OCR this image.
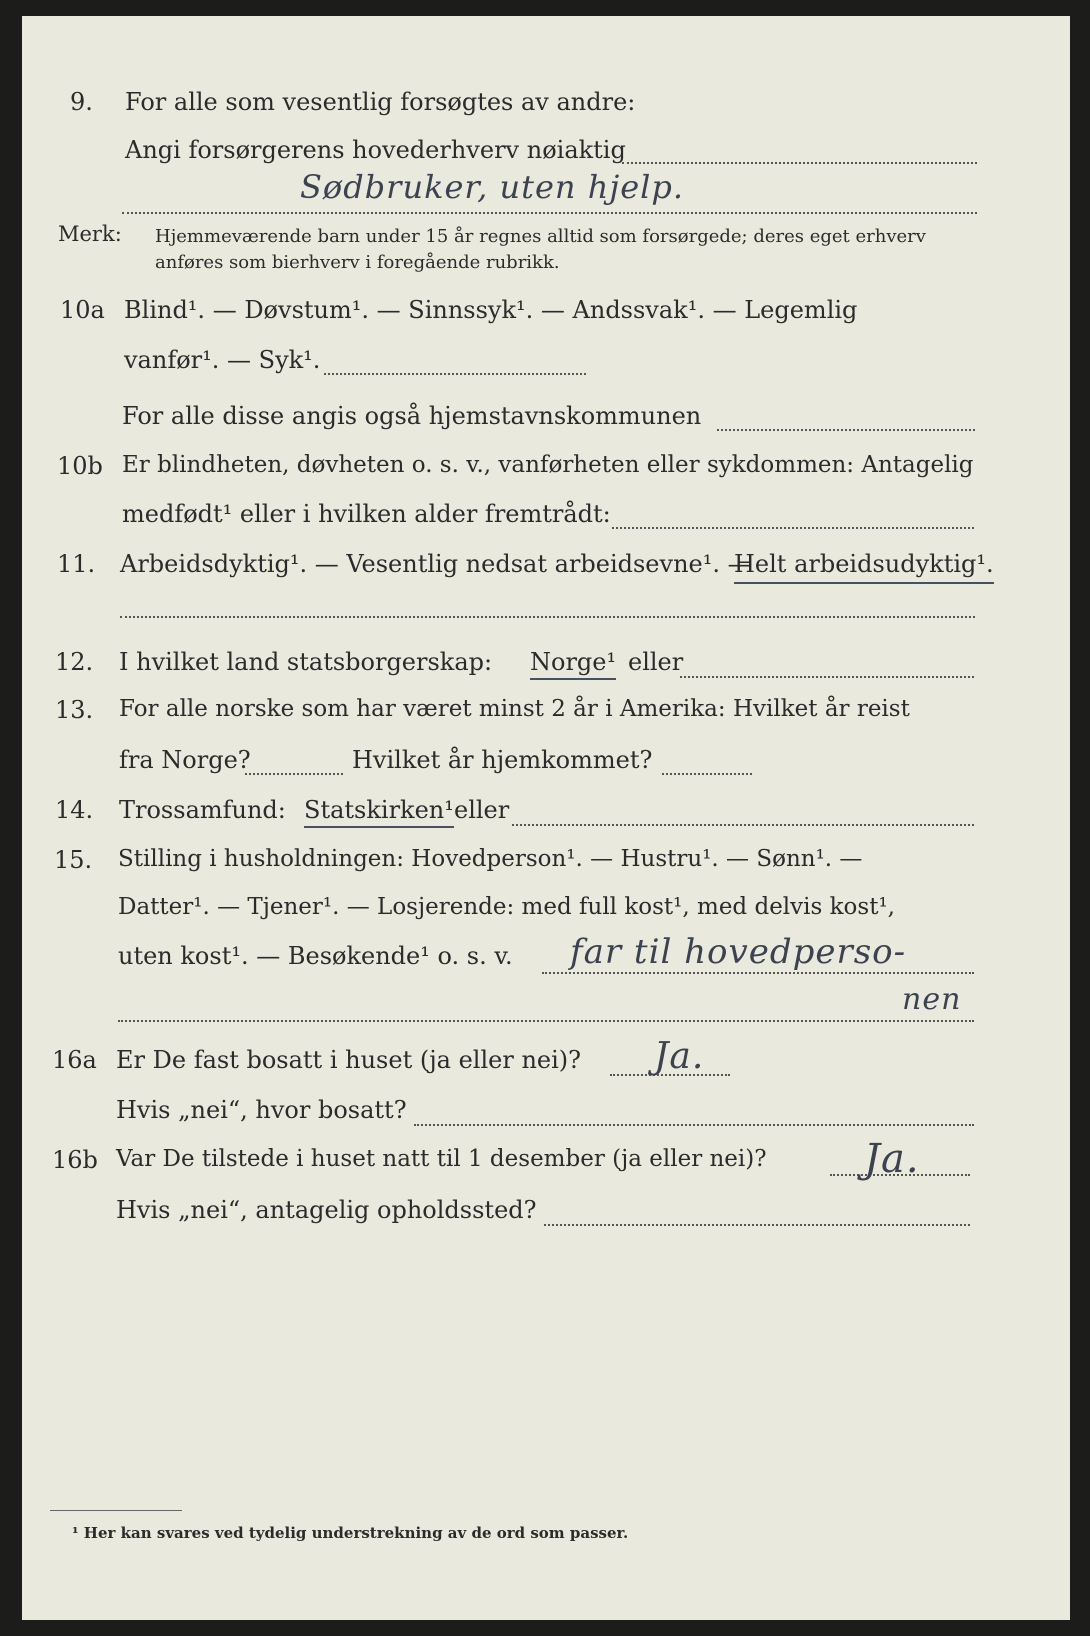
9. For alle som vesentlig forsøgtes av andre:
Angi forsørgerens hovederhverv nøiaktig
Sødbruker, uten hjelp.
Merk: Hjemmeværende barn under 15 år regnes alltid som forsørgede; deres eget erhverv
anføres som bierhverv i foregående rubrikk.
10a Blind¹. — Døvstum¹. — Sinnssyk¹. — Andssvak¹. — Legemlig
vanfør¹. — Syk¹.
For alle disse angis også hjemstavnskommunen
10b Er blindheten, døvheten o. s. v., vanførheten eller sykdommen: Antagelig
medfødt¹ eller i hvilken alder fremtrådt:
11. Arbeidsdyktig¹. — Vesentlig nedsat arbeidsevne¹. —
Helt arbeidsudyktig¹.
12. I hvilket land statsborgerskap: Norge¹ eller
13. For alle norske som har været minst 2 år i Amerika: Hvilket år reist
fra Norge?	Hvilket år hjemkommet?
14. Trossamfund: Statskirken¹ eller
15. Stilling i husholdningen: Hovedperson¹. — Hustru¹. — Sønn¹. —
Datter¹. — Tjener¹. — Losjerende: med full kost¹, med delvis kost¹,
uten kost¹. — Besøkende¹ o. s. v. far til hovedperso-
nen
16a Er De fast bosatt i huset (ja eller nei)? Ja.
Hvis „nei“, hvor bosatt?
16b Var De tilstede i huset natt til 1 desember (ja eller nei)? Ja.
Hvis „nei“, antagelig opholdssted?
¹ Her kan svares ved tydelig understrekning av de ord som passer.
